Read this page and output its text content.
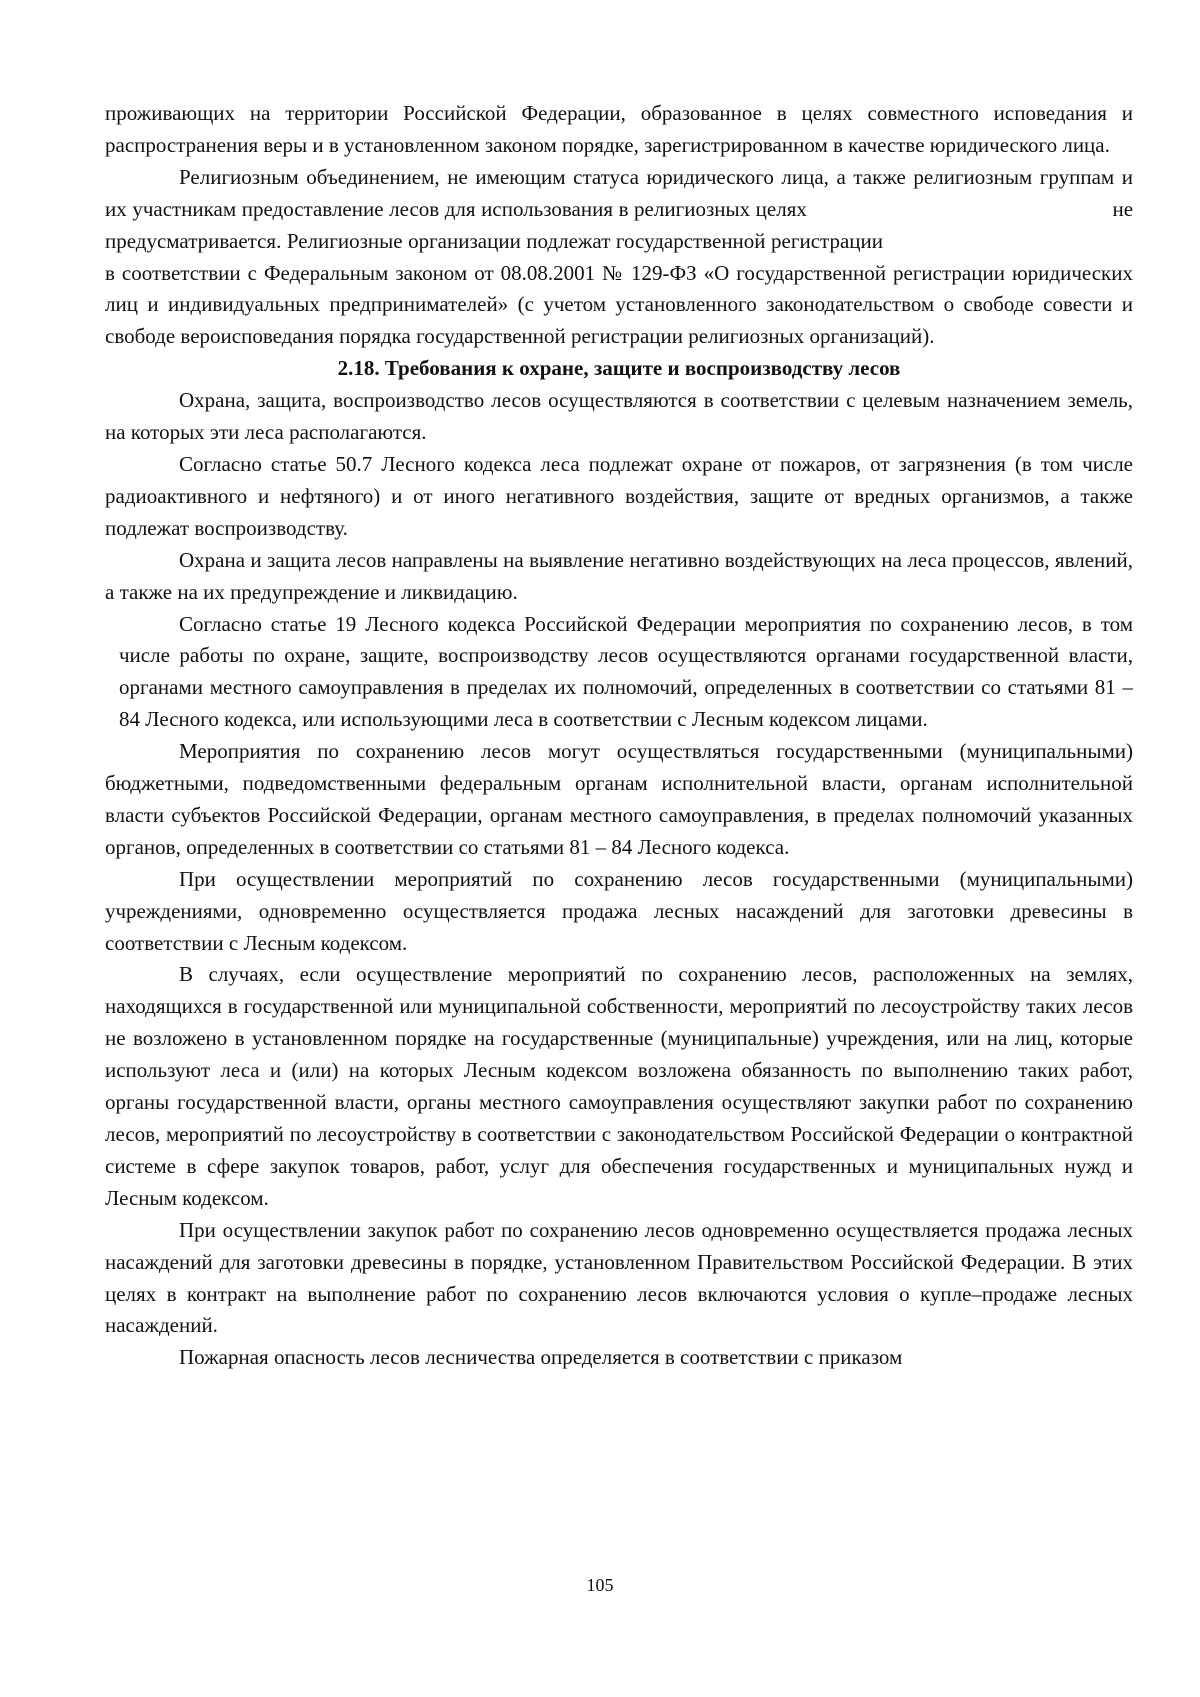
проживающих на территории Российской Федерации, образованное в целях совместного исповедания и распространения веры и в установленном законом порядке, зарегистрированном в качестве юридического лица.

Религиозным объединением, не имеющим статуса юридического лица, а также религиозным группам и их участникам предоставление лесов для использования в религиозных целях	не предусматривается. Религиозные организации подлежат государственной регистрации в соответствии с Федеральным законом от 08.08.2001 № 129-ФЗ «О государственной регистрации юридических лиц и индивидуальных предпринимателей» (с учетом установленного законодательством о свободе совести и свободе вероисповедания порядка государственной регистрации религиозных организаций).

2.18. Требования к охране, защите и воспроизводству лесов

Охрана, защита, воспроизводство лесов осуществляются в соответствии с целевым назначением земель, на которых эти леса располагаются.

Согласно статье 50.7 Лесного кодекса леса подлежат охране от пожаров, от загрязнения (в том числе радиоактивного и нефтяного) и от иного негативного воздействия, защите от вредных организмов, а также подлежат воспроизводству.

Охрана и защита лесов направлены на выявление негативно воздействующих на леса процессов, явлений, а также на их предупреждение и ликвидацию.

Согласно статье 19 Лесного кодекса Российской Федерации мероприятия по сохранению лесов, в том числе работы по охране, защите, воспроизводству лесов осуществляются органами государственной власти, органами местного самоуправления в пределах их полномочий, определенных в соответствии со статьями 81 – 84 Лесного кодекса, или использующими леса в соответствии с Лесным кодексом лицами.

Мероприятия по сохранению лесов могут осуществляться государственными (муниципальными) бюджетными, подведомственными федеральным органам исполнительной власти, органам исполнительной власти субъектов Российской Федерации, органам местного самоуправления, в пределах полномочий указанных органов, определенных в соответствии со статьями 81 – 84 Лесного кодекса.

При осуществлении мероприятий по сохранению лесов государственными (муниципальными) учреждениями, одновременно осуществляется продажа лесных насаждений для заготовки древесины в соответствии с Лесным кодексом.

В случаях, если осуществление мероприятий по сохранению лесов, расположенных на землях, находящихся в государственной или муниципальной собственности, мероприятий по лесоустройству таких лесов не возложено в установленном порядке на государственные (муниципальные) учреждения, или на лиц, которые используют леса и (или) на которых Лесным кодексом возложена обязанность по выполнению таких работ, органы государственной власти, органы местного самоуправления осуществляют закупки работ по сохранению лесов, мероприятий по лесоустройству в соответствии с законодательством Российской Федерации о контрактной системе в сфере закупок товаров, работ, услуг для обеспечения государственных и муниципальных нужд и Лесным кодексом.

При осуществлении закупок работ по сохранению лесов одновременно осуществляется продажа лесных насаждений для заготовки древесины в порядке, установленном Правительством Российской Федерации. В этих целях в контракт на выполнение работ по сохранению лесов включаются условия о купле–продаже лесных насаждений.

Пожарная опасность лесов лесничества определяется в соответствии с приказом

105
